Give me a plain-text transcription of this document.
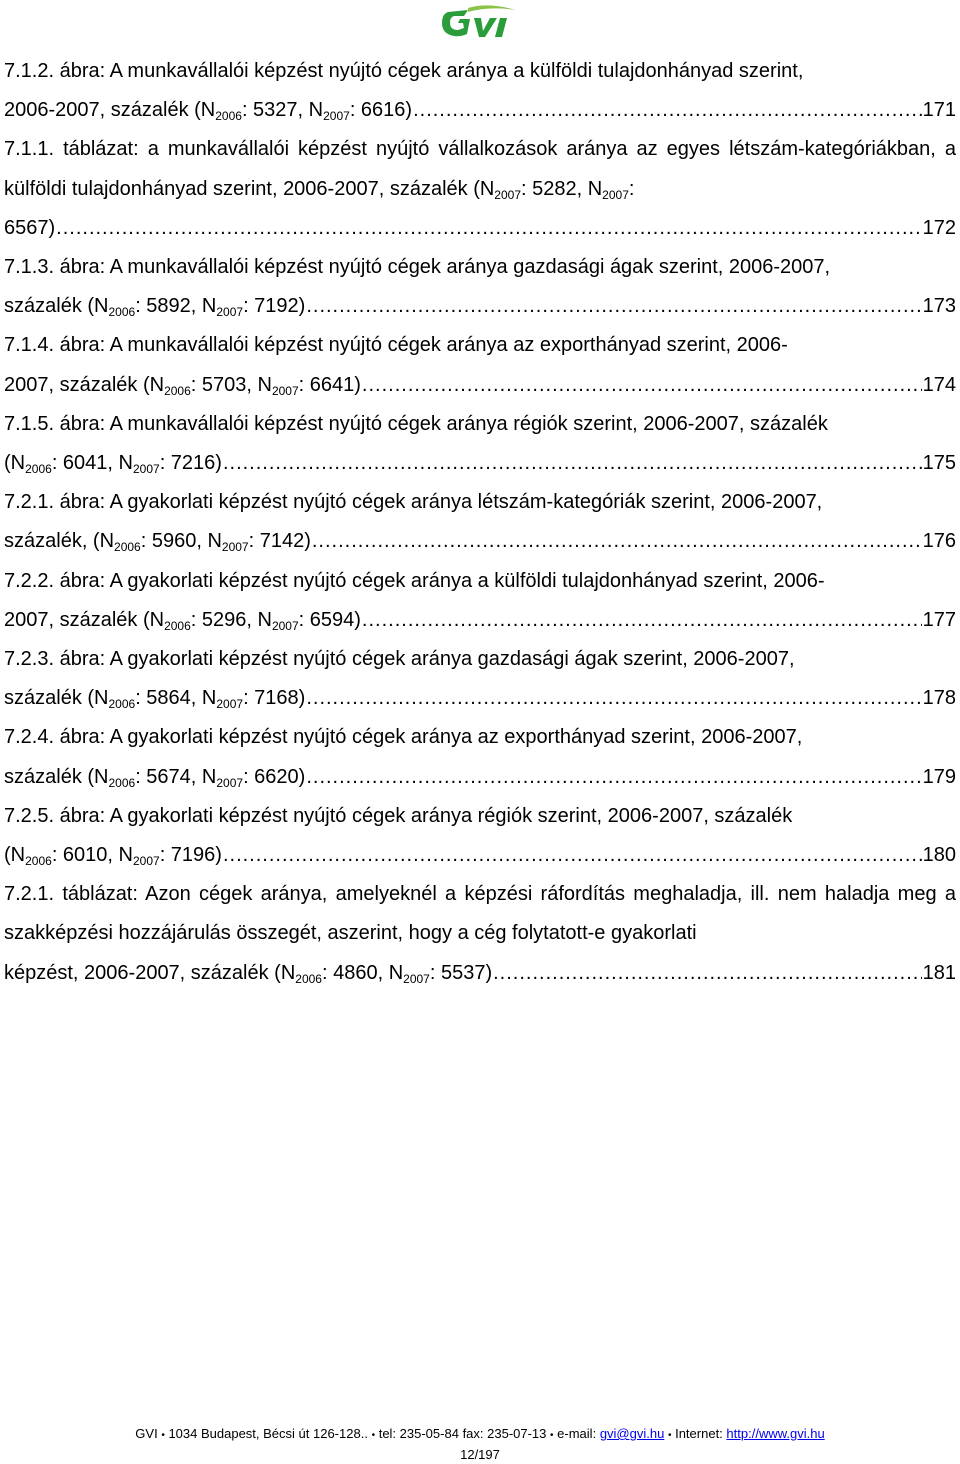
7.1.2. ábra: A munkavállalói képzést nyújtó cégek aránya a külföldi tulajdonhányad szerint,
2006-2007, százalék ($N_{2006}$: 5327, $N_{2007}$: 6616) .....	171
7.1.1. táblázat: a munkavállalói képzést nyújtó vállalkozások aránya az egyes létszám-kategóriákban, a külföldi tulajdonhányad szerint, 2006-2007, százalék ($N_{2007}$: 5282, $N_{2007}$:
6567) .....	172
7.1.3. ábra: A munkavállalói képzést nyújtó cégek aránya gazdasági ágak szerint, 2006-2007,
százalék ($N_{2006}$: 5892, $N_{2007}$: 7192) .....	173
7.1.4. ábra: A munkavállalói képzést nyújtó cégek aránya az exporthányad szerint, 2006-
2007, százalék ($N_{2006}$: 5703, $N_{2007}$: 6641) .....	174
7.1.5. ábra: A munkavállalói képzést nyújtó cégek aránya régiók szerint, 2006-2007, százalék
($N_{2006}$: 6041, $N_{2007}$: 7216) .....	175
7.2.1. ábra: A gyakorlati képzést nyújtó cégek aránya létszám-kategóriák szerint, 2006-2007,
százalék, ($N_{2006}$: 5960, $N_{2007}$: 7142) .....	176
7.2.2. ábra: A gyakorlati képzést nyújtó cégek aránya a külföldi tulajdonhányad szerint, 2006-
2007, százalék ($N_{2006}$: 5296, $N_{2007}$: 6594) .....	177
7.2.3. ábra: A gyakorlati képzést nyújtó cégek aránya gazdasági ágak szerint, 2006-2007,
százalék ($N_{2006}$: 5864, $N_{2007}$: 7168) .....	178
7.2.4. ábra: A gyakorlati képzést nyújtó cégek aránya az exporthányad szerint, 2006-2007,
százalék ($N_{2006}$: 5674, $N_{2007}$: 6620) .....	179
7.2.5. ábra: A gyakorlati képzést nyújtó cégek aránya régiók szerint, 2006-2007, százalék
($N_{2006}$: 6010, $N_{2007}$: 7196) .....	180
7.2.1. táblázat: Azon cégek aránya, amelyeknél a képzési ráfordítás meghaladja, ill. nem haladja meg a szakképzési hozzájárulás összegét, aszerint, hogy a cég folytatott-e gyakorlati
képzést, 2006-2007, százalék ($N_{2006}$: 4860, $N_{2007}$: 5537) .....	181
GVI • 1034 Budapest, Bécsi út 126-128.. • tel: 235-05-84 fax: 235-07-13 • e-mail: gvi@gvi.hu • Internet: http://www.gvi.hu
12/197
